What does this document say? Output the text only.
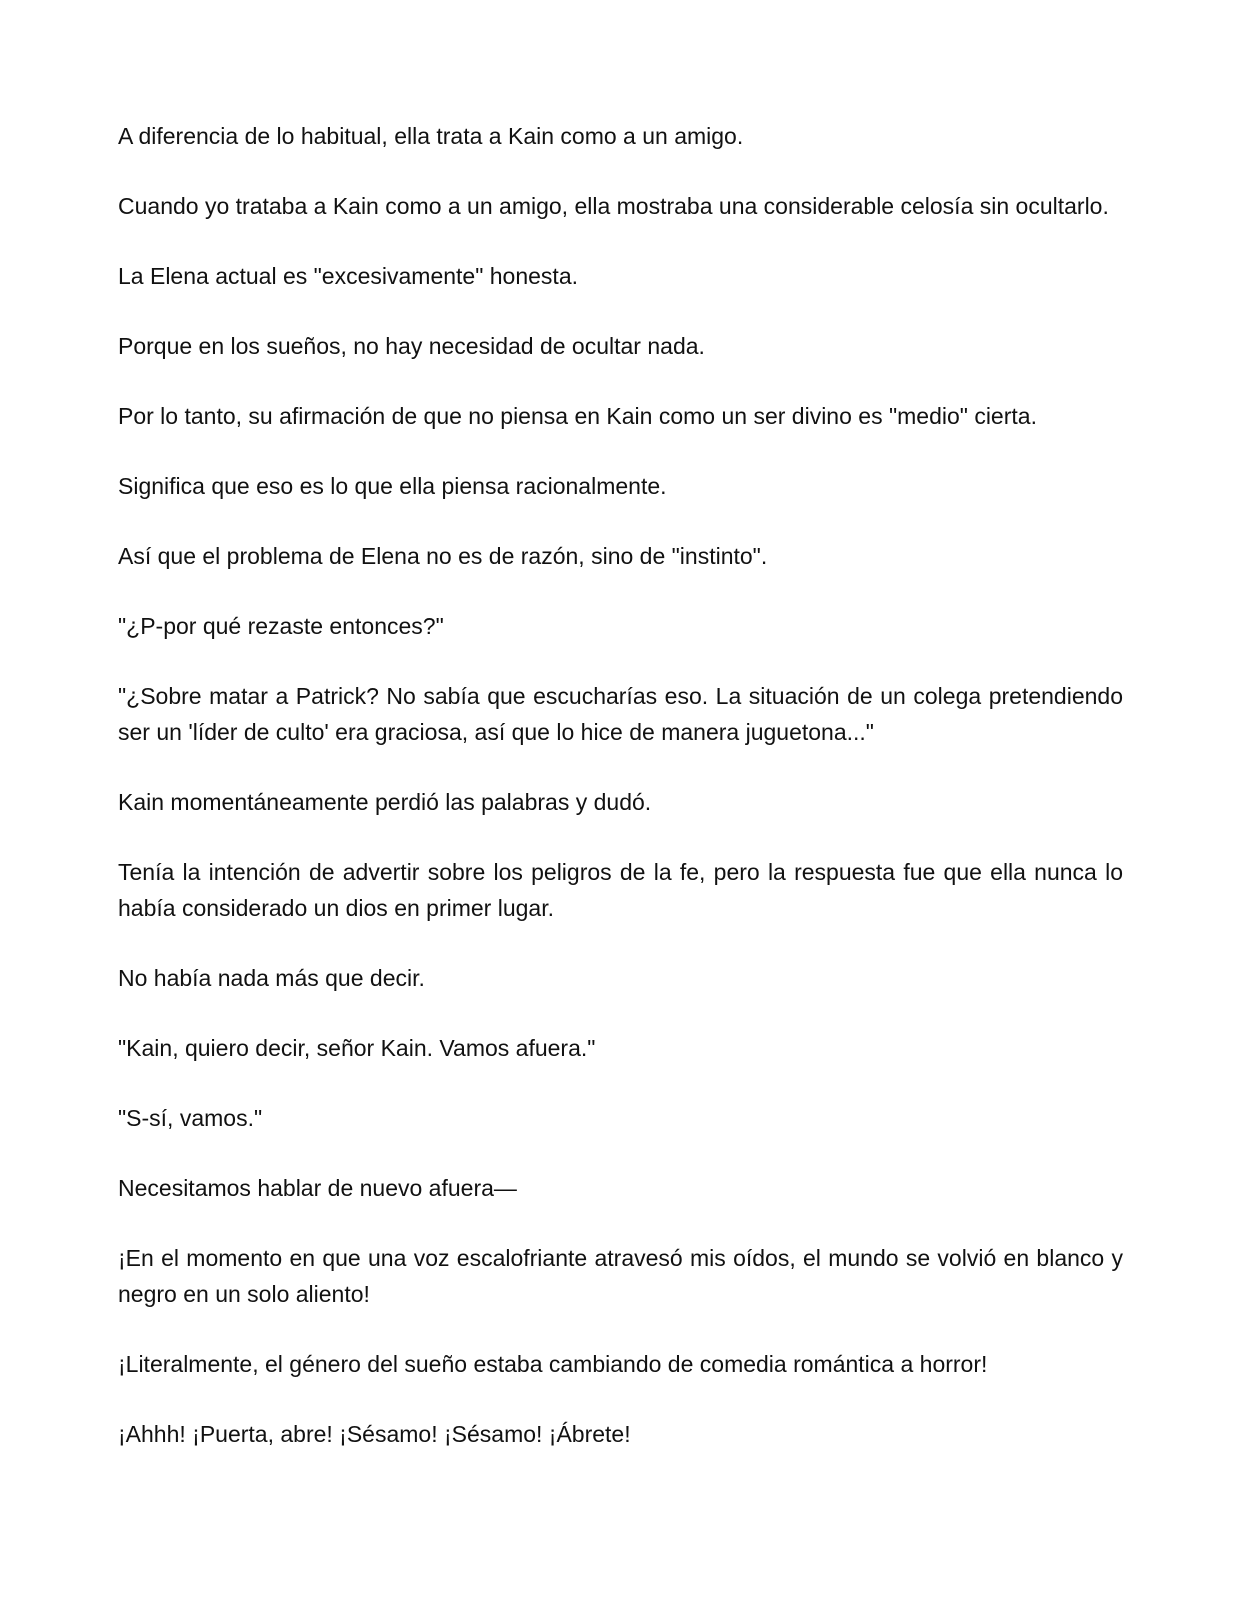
A diferencia de lo habitual, ella trata a Kain como a un amigo.

Cuando yo trataba a Kain como a un amigo, ella mostraba una considerable celosía sin ocultarlo.

La Elena actual es "excesivamente" honesta.

Porque en los sueños, no hay necesidad de ocultar nada.

Por lo tanto, su afirmación de que no piensa en Kain como un ser divino es "medio" cierta.

Significa que eso es lo que ella piensa racionalmente.

Así que el problema de Elena no es de razón, sino de "instinto".

"¿P-por qué rezaste entonces?"

"¿Sobre matar a Patrick? No sabía que escucharías eso. La situación de un colega pretendiendo ser un 'líder de culto' era graciosa, así que lo hice de manera juguetona..."

Kain momentáneamente perdió las palabras y dudó.

Tenía la intención de advertir sobre los peligros de la fe, pero la respuesta fue que ella nunca lo había considerado un dios en primer lugar.

No había nada más que decir.

"Kain, quiero decir, señor Kain. Vamos afuera."

"S-sí, vamos."

Necesitamos hablar de nuevo afuera—

¡En el momento en que una voz escalofriante atravesó mis oídos, el mundo se volvió en blanco y negro en un solo aliento!

¡Literalmente, el género del sueño estaba cambiando de comedia romántica a horror!

¡Ahhh! ¡Puerta, abre! ¡Sésamo! ¡Sésamo! ¡Ábrete!
